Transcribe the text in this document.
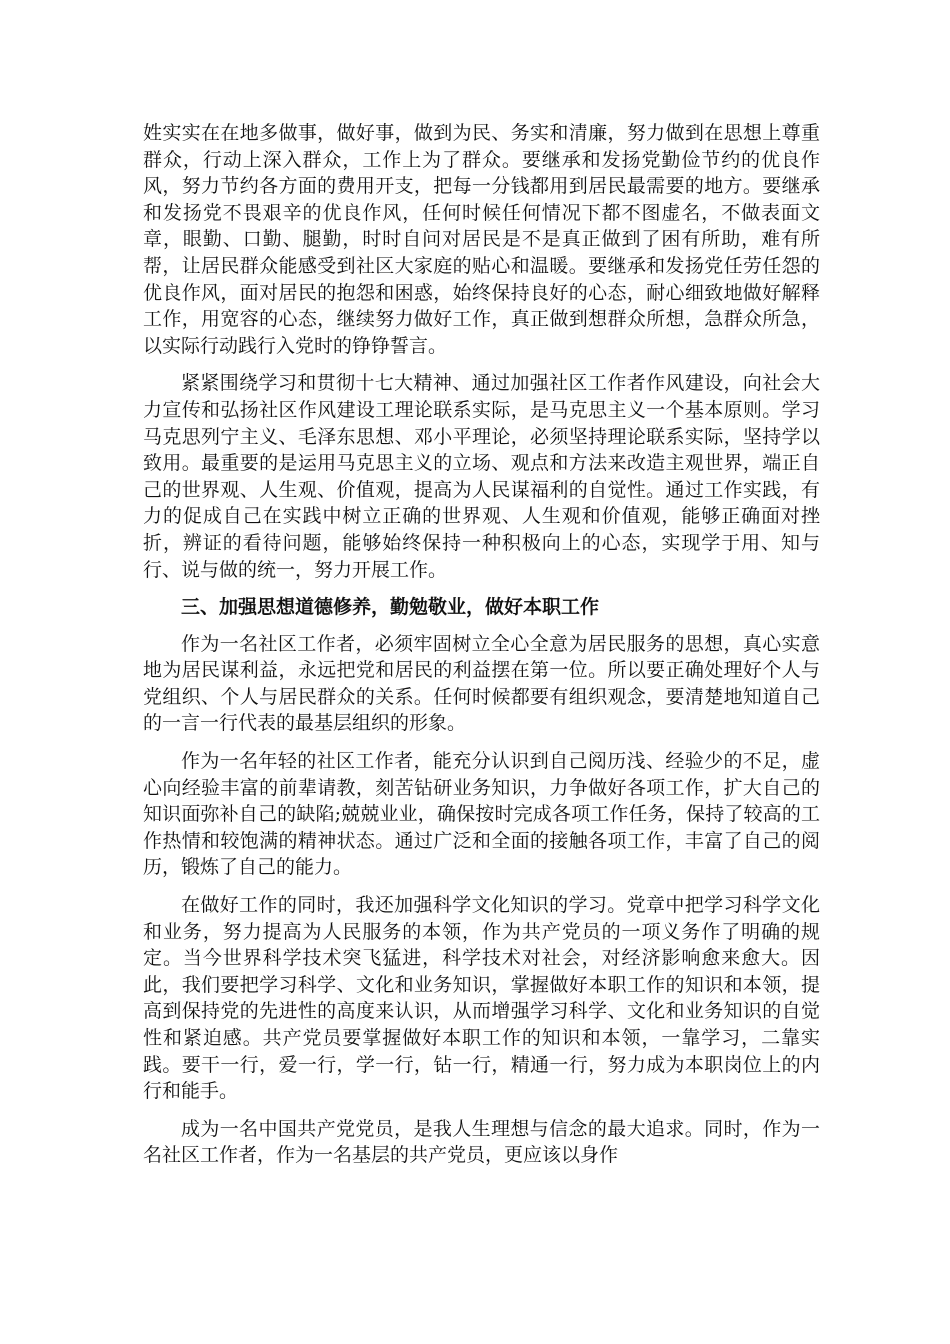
姓实实在在地多做事，做好事，做到为民、务实和清廉，努力做到在思想上尊重群众，行动上深入群众，工作上为了群众。要继承和发扬党勤俭节约的优良作风，努力节约各方面的费用开支，把每一分钱都用到居民最需要的地方。要继承和发扬党不畏艰辛的优良作风，任何时候任何情况下都不图虚名，不做表面文章，眼勤、口勤、腿勤，时时自问对居民是不是真正做到了困有所助，难有所帮，让居民群众能感受到社区大家庭的贴心和温暖。要继承和发扬党任劳任怨的优良作风，面对居民的抱怨和困惑，始终保持良好的心态，耐心细致地做好解释工作，用宽容的心态，继续努力做好工作，真正做到想群众所想，急群众所急，以实际行动践行入党时的铮铮誓言。

紧紧围绕学习和贯彻十七大精神、通过加强社区工作者作风建设，向社会大力宣传和弘扬社区作风建设工理论联系实际，是马克思主义一个基本原则。学习马克思列宁主义、毛泽东思想、邓小平理论，必须坚持理论联系实际，坚持学以致用。最重要的是运用马克思主义的立场、观点和方法来改造主观世界，端正自己的世界观、人生观、价值观，提高为人民谋福利的自觉性。通过工作实践，有力的促成自己在实践中树立正确的世界观、人生观和价值观，能够正确面对挫折，辨证的看待问题，能够始终保持一种积极向上的心态，实现学于用、知与行、说与做的统一，努力开展工作。

三、加强思想道德修养，勤勉敬业，做好本职工作

作为一名社区工作者，必须牢固树立全心全意为居民服务的思想，真心实意地为居民谋利益，永远把党和居民的利益摆在第一位。所以要正确处理好个人与党组织、个人与居民群众的关系。任何时候都要有组织观念，要清楚地知道自己的一言一行代表的最基层组织的形象。

作为一名年轻的社区工作者，能充分认识到自己阅历浅、经验少的不足，虚心向经验丰富的前辈请教，刻苦钻研业务知识，力争做好各项工作，扩大自己的知识面弥补自己的缺陷;兢兢业业，确保按时完成各项工作任务，保持了较高的工作热情和较饱满的精神状态。通过广泛和全面的接触各项工作，丰富了自己的阅历，锻炼了自己的能力。

在做好工作的同时，我还加强科学文化知识的学习。党章中把学习科学文化和业务，努力提高为人民服务的本领，作为共产党员的一项义务作了明确的规定。当今世界科学技术突飞猛进，科学技术对社会，对经济影响愈来愈大。因此，我们要把学习科学、文化和业务知识，掌握做好本职工作的知识和本领，提高到保持党的先进性的高度来认识，从而增强学习科学、文化和业务知识的自觉性和紧迫感。共产党员要掌握做好本职工作的知识和本领，一靠学习，二靠实践。要干一行，爱一行，学一行，钻一行，精通一行，努力成为本职岗位上的内行和能手。

成为一名中国共产党党员，是我人生理想与信念的最大追求。同时，作为一名社区工作者，作为一名基层的共产党员，更应该以身作
